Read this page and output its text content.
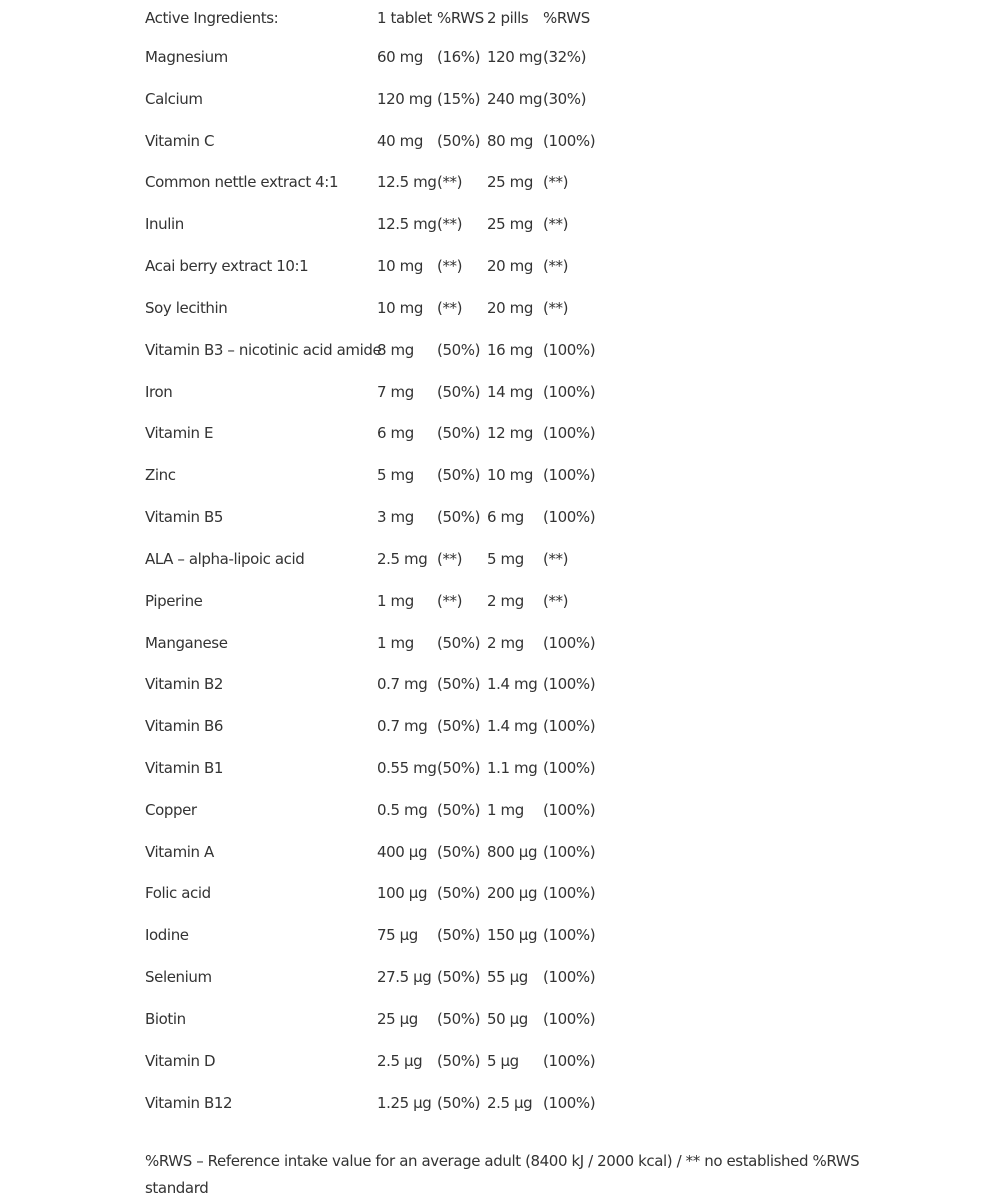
Active Ingredients:	1 tablet	%RWS	2 pills	%RWS
Magnesium	60 mg	(16%)	120 mg	(32%)
Calcium	120 mg	(15%)	240 mg	(30%)
Vitamin C	40 mg	(50%)	80 mg	(100%)
Common nettle extract 4:1	12.5 mg	(**)	25 mg	(**)
Inulin	12.5 mg	(**)	25 mg	(**)
Acai berry extract 10:1	10 mg	(**)	20 mg	(**)
Soy lecithin	10 mg	(**)	20 mg	(**)
Vitamin B3 – nicotinic acid amide	8 mg	(50%)	16 mg	(100%)
Iron	7 mg	(50%)	14 mg	(100%)
Vitamin E	6 mg	(50%)	12 mg	(100%)
Zinc	5 mg	(50%)	10 mg	(100%)
Vitamin B5	3 mg	(50%)	6 mg	(100%)
ALA – alpha-lipoic acid	2.5 mg	(**)	5 mg	(**)
Piperine	1 mg	(**)	2 mg	(**)
Manganese	1 mg	(50%)	2 mg	(100%)
Vitamin B2	0.7 mg	(50%)	1.4 mg	(100%)
Vitamin B6	0.7 mg	(50%)	1.4 mg	(100%)
Vitamin B1	0.55 mg	(50%)	1.1 mg	(100%)
Copper	0.5 mg	(50%)	1 mg	(100%)
Vitamin A	400 µg	(50%)	800 µg	(100%)
Folic acid	100 µg	(50%)	200 µg	(100%)
Iodine	75 µg	(50%)	150 µg	(100%)
Selenium	27.5 µg	(50%)	55 µg	(100%)
Biotin	25 µg	(50%)	50 µg	(100%)
Vitamin D	2.5 µg	(50%)	5 µg	(100%)
Vitamin B12	1.25 µg	(50%)	2.5 µg	(100%)

%RWS – Reference intake value for an average adult (8400 kJ / 2000 kcal) / ** no established %RWS standard
